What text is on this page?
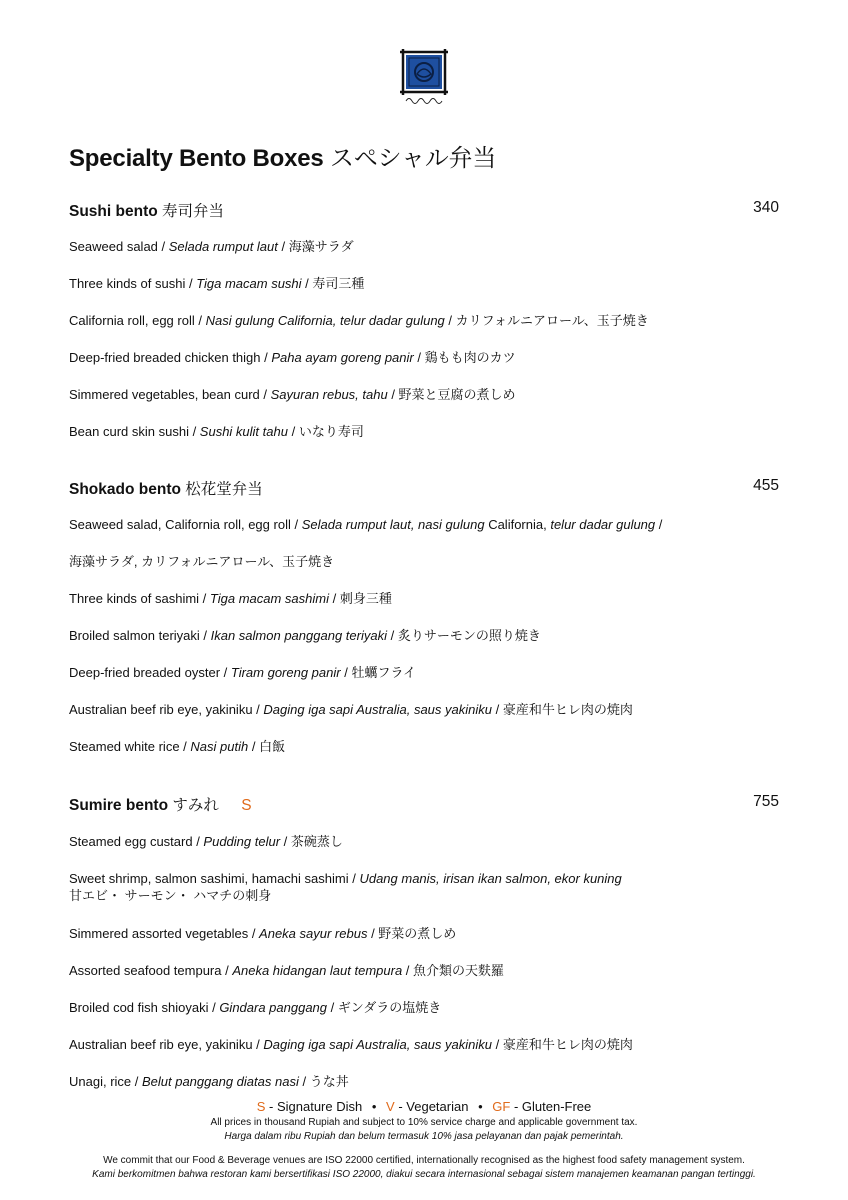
Specialty Bento Boxes スペシャル弁当
Sushi bento 寿司弁当	340
Seaweed salad / Selada rumput laut / 海藻サラダ
Three kinds of sushi / Tiga macam sushi / 寿司三種
California roll, egg roll / Nasi gulung California, telur dadar gulung / カリフォルニアロール、玉子焼き
Deep-fried breaded chicken thigh / Paha ayam goreng panir / 鶏もも肉のカツ
Simmered vegetables, bean curd / Sayuran rebus, tahu / 野菜と豆腐の煮しめ
Bean curd skin sushi / Sushi kulit tahu / いなり寿司
Shokado bento 松花堂弁当	455
Seaweed salad, California roll, egg roll / Selada rumput laut, nasi gulung California, telur dadar gulung /
海藻サラダ, カリフォルニアロール、玉子焼き
Three kinds of sashimi / Tiga macam sashimi / 刺身三種
Broiled salmon teriyaki / Ikan salmon panggang teriyaki / 炙りサーモンの照り焼き
Deep-fried breaded oyster / Tiram goreng panir / 牡蠣フライ
Australian beef rib eye, yakiniku / Daging iga sapi Australia, saus yakiniku / 豪産和牛ヒレ肉の焼肉
Steamed white rice / Nasi putih / 白飯
Sumire bento すみれ S	755
Steamed egg custard / Pudding telur / 茶碗蒸し
Sweet shrimp, salmon sashimi, hamachi sashimi / Udang manis, irisan ikan salmon, ekor kuning
甘エビ・ サーモン・ ハマチの刺身
Simmered assorted vegetables / Aneka sayur rebus / 野菜の煮しめ
Assorted seafood tempura / Aneka hidangan laut tempura / 魚介類の天麩羅
Broiled cod fish shioyaki / Gindara panggang / ギンダラの塩焼き
Australian beef rib eye, yakiniku / Daging iga sapi Australia, saus yakiniku / 豪産和牛ヒレ肉の焼肉
Unagi, rice / Belut panggang diatas nasi / うな丼
S - Signature Dish • V - Vegetarian • GF - Gluten-Free
All prices in thousand Rupiah and subject to 10% service charge and applicable government tax.
Harga dalam ribu Rupiah dan belum termasuk 10% jasa pelayanan dan pajak pemerintah.
We commit that our Food & Beverage venues are ISO 22000 certified, internationally recognised as the highest food safety management system.
Kami berkomitmen bahwa restoran kami bersertifikasi ISO 22000, diakui secara internasional sebagai sistem manajemen keamanan pangan tertinggi.
